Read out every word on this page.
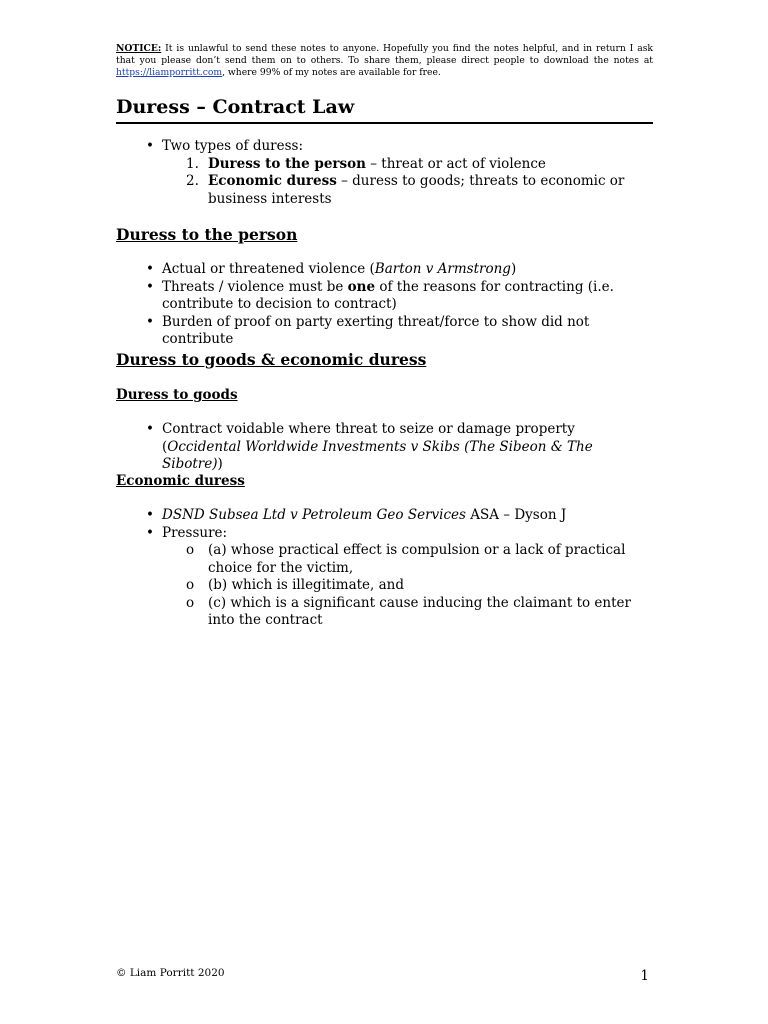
NOTICE: It is unlawful to send these notes to anyone. Hopefully you find the notes helpful, and in return I ask that you please don’t send them on to others. To share them, please direct people to download the notes at https://liamporritt.com, where 99% of my notes are available for free.
Duress – Contract Law
• Two types of duress:
1. Duress to the person – threat or act of violence
2. Economic duress – duress to goods; threats to economic or business interests
Duress to the person
• Actual or threatened violence (Barton v Armstrong)
• Threats / violence must be one of the reasons for contracting (i.e. contribute to decision to contract)
• Burden of proof on party exerting threat/force to show did not contribute
Duress to goods & economic duress
Duress to goods
• Contract voidable where threat to seize or damage property (Occidental Worldwide Investments v Skibs (The Sibeon & The Sibotre))
Economic duress
• DSND Subsea Ltd v Petroleum Geo Services ASA – Dyson J
• Pressure:
o (a) whose practical effect is compulsion or a lack of practical choice for the victim,
o (b) which is illegitimate, and
o (c) which is a significant cause inducing the claimant to enter into the contract
© Liam Porritt 2020	1
